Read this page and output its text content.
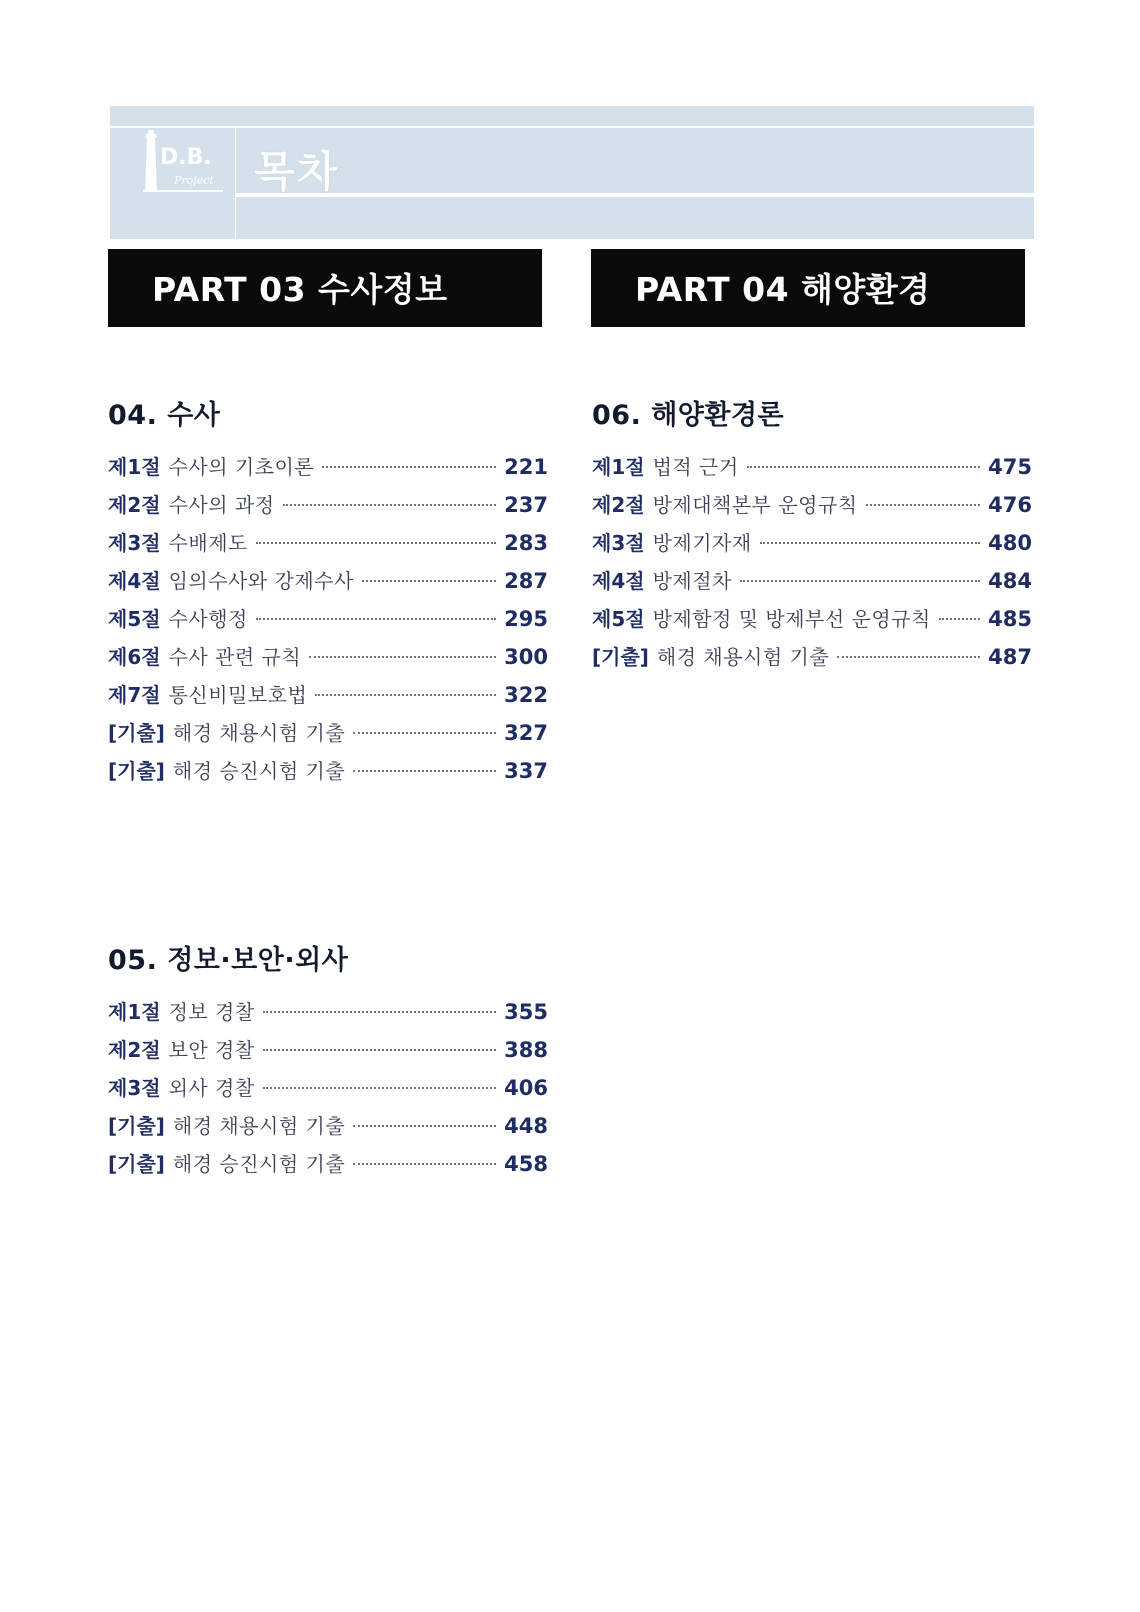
D.B.
Project 목차
PART 03 수사정보	PART 04 해양환경
04. 수사
제1절 수사의 기초이론	221
제2절 수사의 과정	237
제3절 수배제도	283
제4절 임의수사와 강제수사	287
제5절 수사행정	295
제6절 수사 관련 규칙	300
제7절 통신비밀보호법	322
[기출] 해경 채용시험 기출	327
[기출] 해경 승진시험 기출	337
06. 해양환경론
제1절 법적 근거	475
제2절 방제대책본부 운영규칙	476
제3절 방제기자재	480
제4절 방제절차	484
제5절 방제함정 및 방제부선 운영규칙	485
[기출] 해경 채용시험 기출	487
05. 정보·보안·외사
제1절 정보 경찰	355
제2절 보안 경찰	388
제3절 외사 경찰	406
[기출] 해경 채용시험 기출	448
[기출] 해경 승진시험 기출	458
